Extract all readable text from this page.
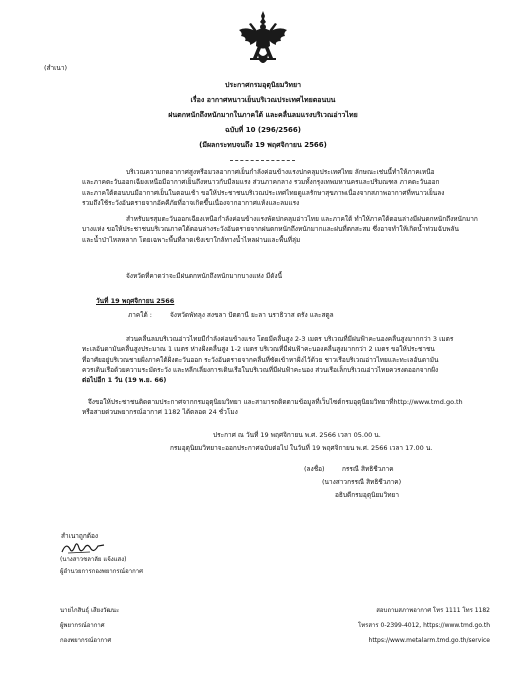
(สำเนา)
ประกาศกรมอุตุนิยมวิทยา
เรื่อง อากาศหนาวเย็นบริเวณประเทศไทยตอนบน
ฝนตกหนักถึงหนักมากในภาคใต้ และคลื่นลมแรงบริเวณอ่าวไทย
ฉบับที่ 10 (296/2566)
(มีผลกระทบจนถึง 19 พฤศจิกายน 2566)
บริเวณความกดอากาศสูงหรือมวลอากาศเย็นกำลังค่อนข้างแรงปกคลุมประเทศไทย ลักษณะเช่นนี้ทำให้ภาคเหนือ
และภาคตะวันออกเฉียงเหนือมีอากาศเย็นถึงหนาวกับมีลมแรง ส่วนภาคกลาง รวมทั้งกรุงเทพมหานครและปริมณฑล ภาคตะวันออก
และภาคใต้ตอนบนมีอากาศเย็นในตอนเช้า ขอให้ประชาชนบริเวณประเทศไทยดูแลรักษาสุขภาพเนื่องจากสภาพอากาศที่หนาวเย็นลง
รวมถึงใช้ระวังอันตรายจากอัคคีภัยที่อาจเกิดขึ้นเนื่องจากอากาศแห้งและลมแรง
สำหรับมรสุมตะวันออกเฉียงเหนือกำลังค่อนข้างแรงพัดปกคลุมอ่าวไทย และภาคใต้ ทำให้ภาคใต้ตอนล่างมีฝนตกหนักถึงหนักมาก
บางแห่ง ขอให้ประชาชนบริเวณภาคใต้ตอนล่างระวังอันตรายจากฝนตกหนักถึงหนักมากและฝนที่ตกสะสม ซึ่งอาจทำให้เกิดน้ำท่วมฉับพลัน
และน้ำป่าไหลหลาก โดยเฉพาะพื้นที่ลาดเชิงเขาใกล้ทางน้ำไหลผ่านและพื้นที่ลุ่ม
จังหวัดที่คาดว่าจะมีฝนตกหนักถึงหนักมากบางแห่ง มีดังนี้
วันที่ 19 พฤศจิกายน 2566
ภาคใต้ :	จังหวัดพัทลุง สงขลา ปัตตานี ยะลา นราธิวาส ตรัง และสตูล
ส่วนคลื่นลมบริเวณอ่าวไทยมีกำลังค่อนข้างแรง โดยมีคลื่นสูง 2-3 เมตร บริเวณที่มีฝนฟ้าคะนองคลื่นสูงมากกว่า 3 เมตร
ทะเลอันดามันคลื่นสูงประมาณ 1 เมตร ห่างฝั่งคลื่นสูง 1-2 เมตร บริเวณที่มีฝนฟ้าคะนองคลื่นสูงมากกว่า 2 เมตร ขอให้ประชาชน
ที่อาศัยอยู่บริเวณชายฝั่งภาคใต้ฝั่งตะวันออก ระวังอันตรายจากคลื่นที่ซัดเข้าหาฝั่งไว้ด้วย ชาวเรือบริเวณอ่าวไทยและทะเลอันดามัน
ควรเดินเรือด้วยความระมัดระวัง และหลีกเลี่ยงการเดินเรือในบริเวณที่มีฝนฟ้าคะนอง ส่วนเรือเล็กบริเวณอ่าวไทยควรงดออกจากฝั่ง
ต่อไปอีก 1 วัน (19 พ.ย. 66)
จึงขอให้ประชาชนติดตามประกาศจากกรมอุตุนิยมวิทยา และสามารถติดตามข้อมูลที่เว็บไซต์กรมอุตุนิยมวิทยาที่http://www.tmd.go.th
หรือสายด่วนพยากรณ์อากาศ 1182 ได้ตลอด 24 ชั่วโมง
ประกาศ ณ วันที่ 19 พฤศจิกายน พ.ศ. 2566 เวลา 05.00 น.
กรมอุตุนิยมวิทยาจะออกประกาศฉบับต่อไป ในวันที่ 19 พฤศจิกายน พ.ศ. 2566 เวลา 17.00 น.
(ลงชื่อ)	กรรณี สิทธิชีวภาค
(นางสาวกรรณี สิทธิชีวภาค)
อธิบดีกรมอุตุนิยมวิทยา
สำเนาถูกต้อง
(นางสาวชลาลัย แจ้งแสง)
ผู้อำนวยการกองพยากรณ์อากาศ
นายไกสินธุ์ เสียงวัฒนะ
ผู้พยากรณ์อากาศ
กองพยากรณ์อากาศ
สอบถามสภาพอากาศ โทร 1111 โทร 1182
โทรสาร 0-2399-4012, https://www.tmd.go.th
https://www.metalarm.tmd.go.th/service
